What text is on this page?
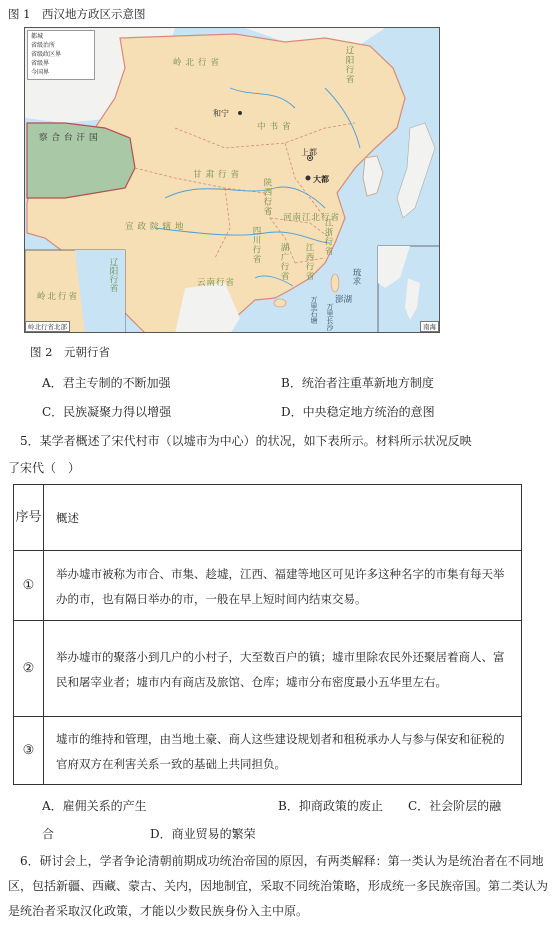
图 1　西汉地方政区示意图
都城
省级治所
省级政区界
省级界
今国界
岭北行省	辽阳行省
察合台汗国
中书省
甘肃行省
陕西行省
河南江北行省
四川行省
宣政院辖地
云南行省
湖广行省 江西行省
江浙行省
和宁
上都
大都
琉求
澎湖
万里石塘 万里长沙
岭北行省
辽阳行省
岭北行省北部	南海
图 2　元朝行省
A．君主专制的不断加强	B．统治者注重革新地方制度
C．民族凝聚力得以增强	D．中央稳定地方统治的意图
5．某学者概述了宋代村市（以墟市为中心）的状况，如下表所示。材料所示状况反映
了宋代（　）
序号	概述
①	举办墟市被称为市合、市集、趁墟，江西、福建等地区可见许多这种名字的市集有每天举办的市，也有隔日举办的市，一般在早上短时间内结束交易。
②	举办墟市的聚落小到几户的小村子，大至数百户的镇；墟市里除农民外还聚居着商人、富民和屠宰业者；墟市内有商店及旅馆、仓库；墟市分布密度最小五华里左右。
③	墟市的维持和管理，由当地土豪、商人这些建设规划者和租税承办人与参与保安和征税的官府双方在利害关系一致的基础上共同担负。
A．雇佣关系的产生	B．抑商政策的废止 C．社会阶层的融
合	D．商业贸易的繁荣
6．研讨会上，学者争论清朝前期成功统治帝国的原因，有两类解释：第一类认为是统治者在不同地区，包括新疆、西藏、蒙古、关内，因地制宜，采取不同统治策略，形成统一多民族帝国。第二类认为是统治者采取汉化政策，才能以少数民族身份入主中原。
